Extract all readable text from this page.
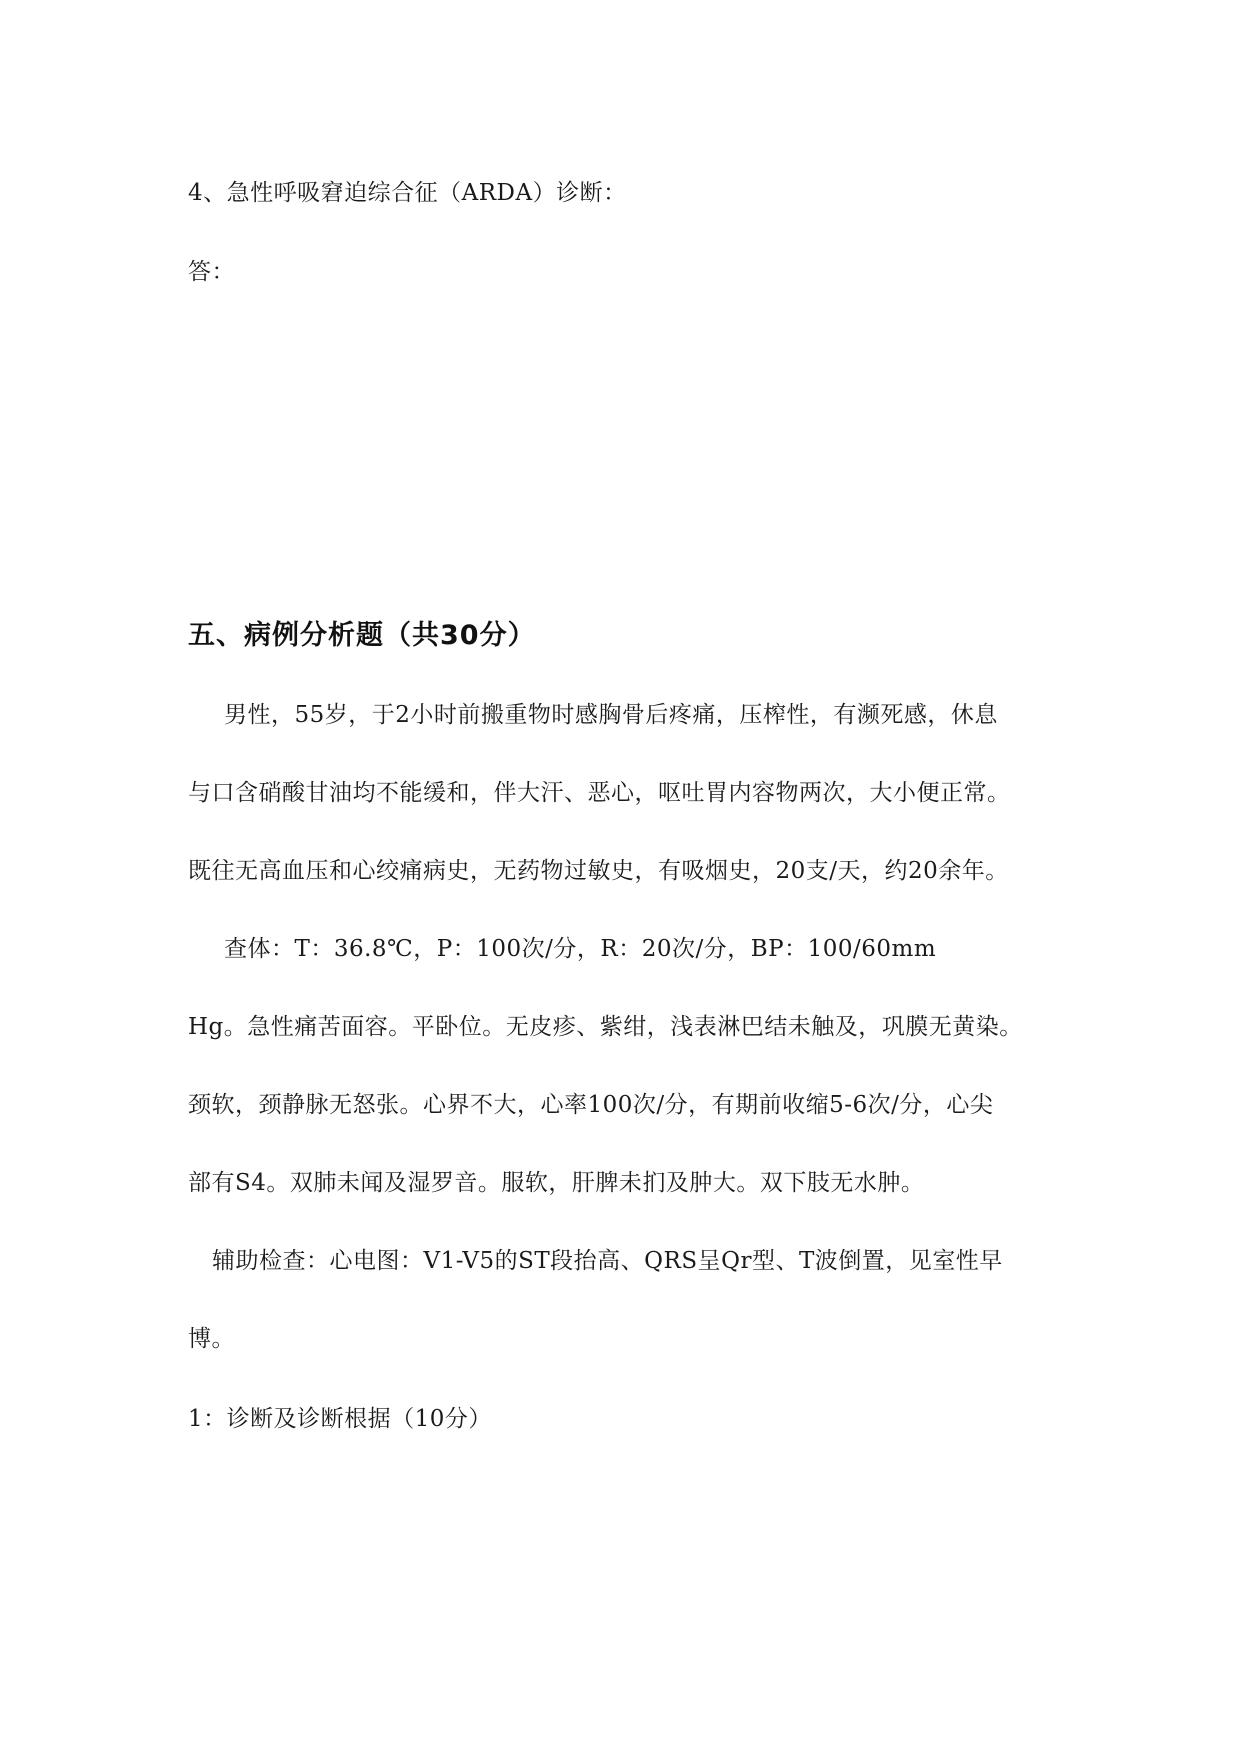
4、急性呼吸窘迫综合征（ARDA）诊断：
答：
五、病例分析题（共30分）
男性，55岁，于2小时前搬重物时感胸骨后疼痛，压榨性，有濒死感，休息
与口含硝酸甘油均不能缓和，伴大汗、恶心，呕吐胃内容物两次，大小便正常。
既往无高血压和心绞痛病史，无药物过敏史，有吸烟史，20支/天，约20余年。
查体：T：36.8℃，P：100次/分，R：20次/分，BP：100/60mm
Hg。急性痛苦面容。平卧位。无皮疹、紫绀，浅表淋巴结未触及，巩膜无黄染。
颈软，颈静脉无怒张。心界不大，心率100次/分，有期前收缩5-6次/分，心尖
部有S4。双肺未闻及湿罗音。服软，肝脾未扪及肿大。双下肢无水肿。
辅助检查：心电图：V1-V5的ST段抬高、QRS呈Qr型、T波倒置，见室性早
博。
1：诊断及诊断根据（10分）
